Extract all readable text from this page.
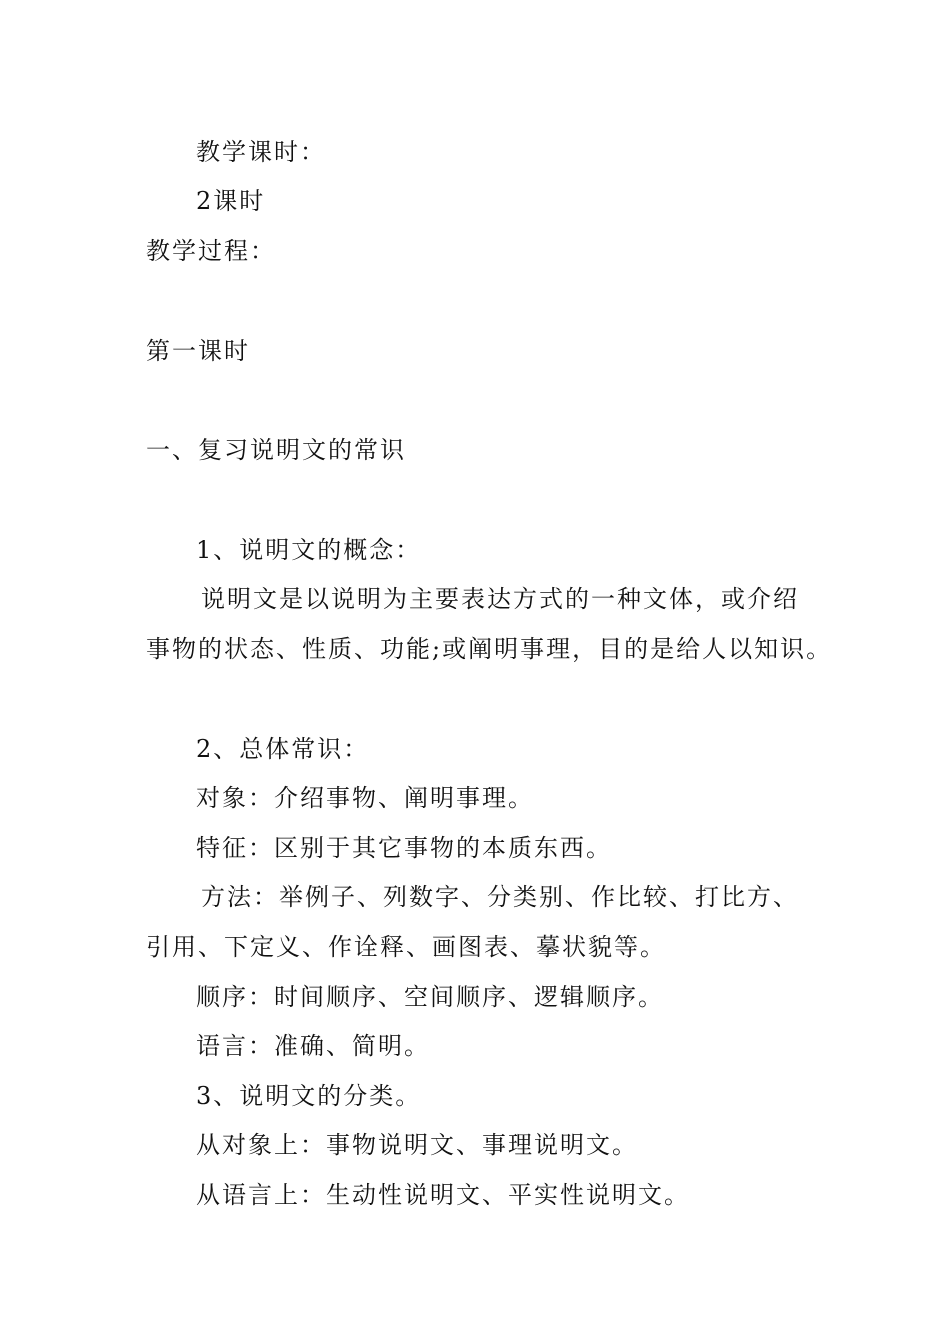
教学课时：
2课时
教学过程：
第一课时
一、复习说明文的常识
1、说明文的概念：
说明文是以说明为主要表达方式的一种文体，或介绍
事物的状态、性质、功能;或阐明事理，目的是给人以知识。
2、总体常识：
对象：介绍事物、阐明事理。
特征：区别于其它事物的本质东西。
方法：举例子、列数字、分类别、作比较、打比方、
引用、下定义、作诠释、画图表、摹状貌等。
顺序：时间顺序、空间顺序、逻辑顺序。
语言：准确、简明。
3、说明文的分类。
从对象上：事物说明文、事理说明文。
从语言上：生动性说明文、平实性说明文。
